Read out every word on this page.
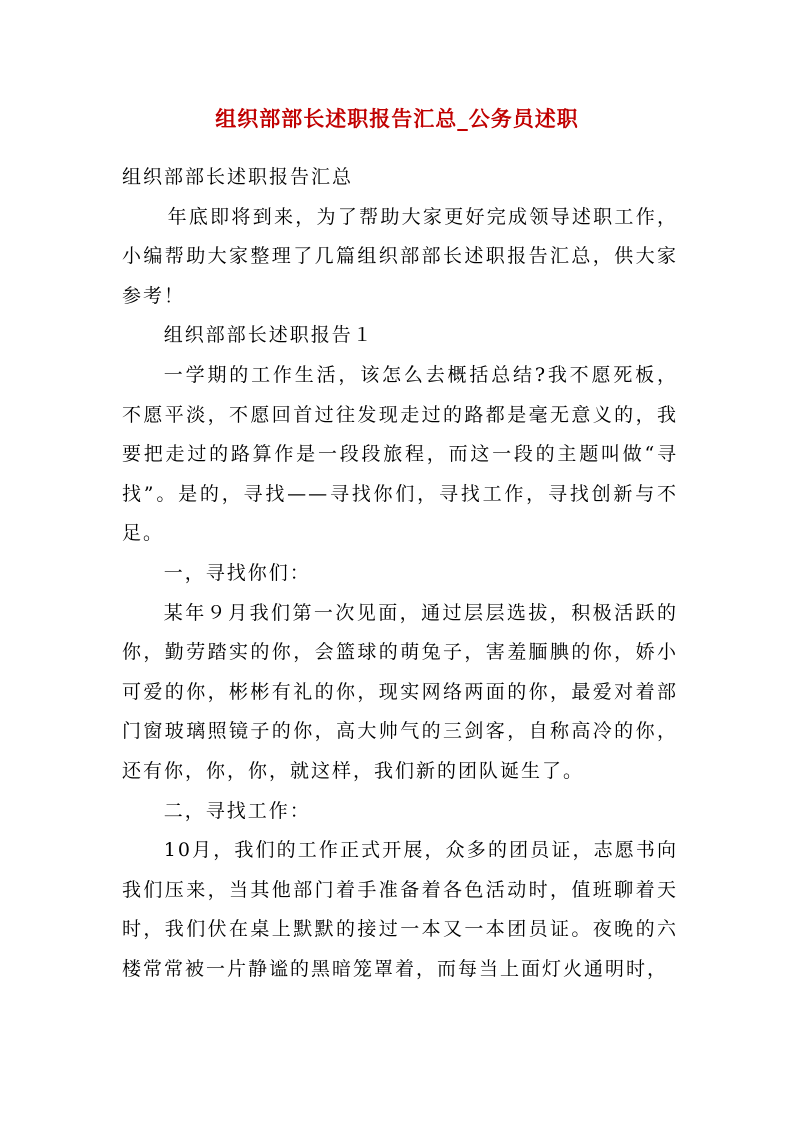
组织部部长述职报告汇总_公务员述职

组织部部长述职报告汇总

年底即将到来，为了帮助大家更好完成领导述职工作，小编帮助大家整理了几篇组织部部长述职报告汇总，供大家参考！

组织部部长述职报告１

一学期的工作生活，该怎么去概括总结?我不愿死板，不愿平淡，不愿回首过往发现走过的路都是毫无意义的，我要把走过的路算作是一段段旅程，而这一段的主题叫做“寻找”。是的，寻找——寻找你们，寻找工作，寻找创新与不足。

一，寻找你们：

某年９月我们第一次见面，通过层层选拔，积极活跃的你，勤劳踏实的你，会篮球的萌兔子，害羞腼腆的你，娇小可爱的你，彬彬有礼的你，现实网络两面的你，最爱对着部门窗玻璃照镜子的你，高大帅气的三剑客，自称高冷的你，还有你，你，你，就这样，我们新的团队诞生了。

二，寻找工作：

10月，我们的工作正式开展，众多的团员证，志愿书向我们压来，当其他部门着手准备着各色活动时，值班聊着天时，我们伏在桌上默默的接过一本又一本团员证。夜晚的六楼常常被一片静谧的黑暗笼罩着，而每当上面灯火通明时，
